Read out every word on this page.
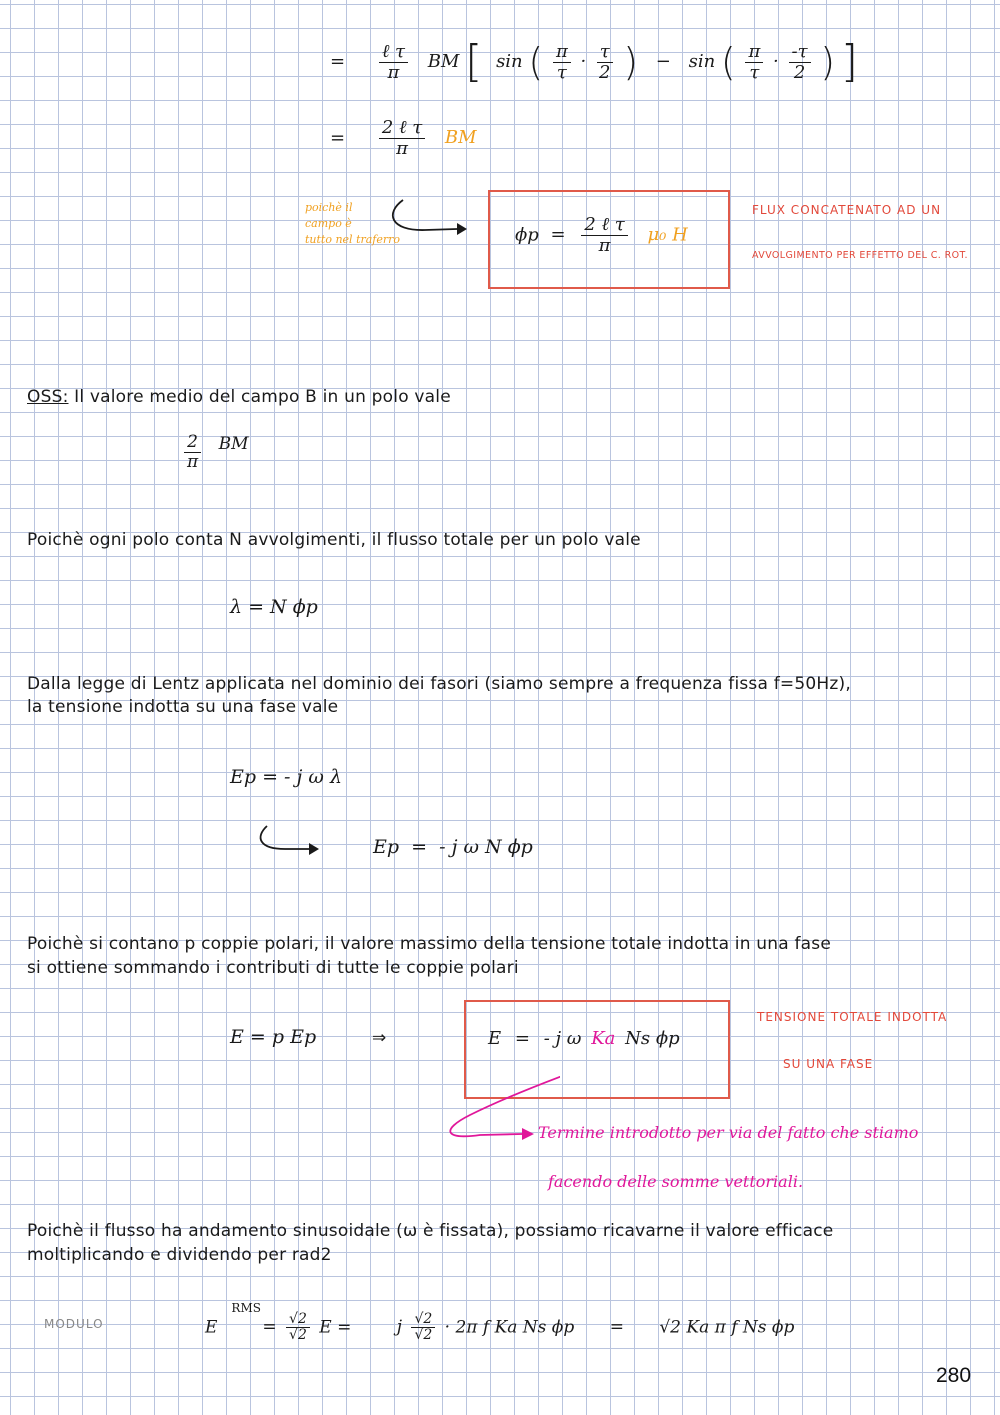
= $\frac{\text{ℓ τ}}{\pi}$ BM [ sin ( $\frac{\pi}{\tau} \cdot \frac{\tau}{2}$ ) − sin ( $\frac{\pi}{\tau} \cdot \frac{-\tau}{2}$ ) ]
= $\frac{\text{2 ℓ τ}}{\pi}$ BM
poichè il
campo è
tutto nel traferro	$\phi p = \frac{\text{2 ℓ τ}}{\pi} \mu_0$ H
FLUX CONCATENATO AD UN
AVVOLGIMENTO PER EFFETTO DEL C. ROT.
OSS: Il valore medio del campo B in un polo vale
$\frac{2}{\pi}$ BM
Poichè ogni polo conta N avvolgimenti, il flusso totale per un polo vale
λ = N ϕp
Dalla legge di Lentz applicata nel dominio dei fasori (siamo sempre a frequenza fissa f=50Hz),
la tensione indotta su una fase vale
Ep = - j ω λ
Ep  =  - j ω N ϕp
Poichè si contano p coppie polari, il valore massimo della tensione totale indotta in una fase
si ottiene sommando i contributi di tutte le coppie polari
E = p Ep	⇒	E = - j ω Ka Ns ϕp
TENSIONE TOTALE INDOTTA
SU UNA FASE
Termine introdotto per via del fatto che stiamo
facendo delle somme vettoriali.
Poichè il flusso ha andamento sinusoidale (ω è fissata), possiamo ricavarne il valore efficace
moltiplicando e dividendo per rad2
MODULO	$E^{RMS} = \frac{√2}{√2}$ E =	j $\frac{√2}{√2} \cdot 2\pi$ f Ka Ns ϕp = √2 Ka π f Ns ϕp
280
